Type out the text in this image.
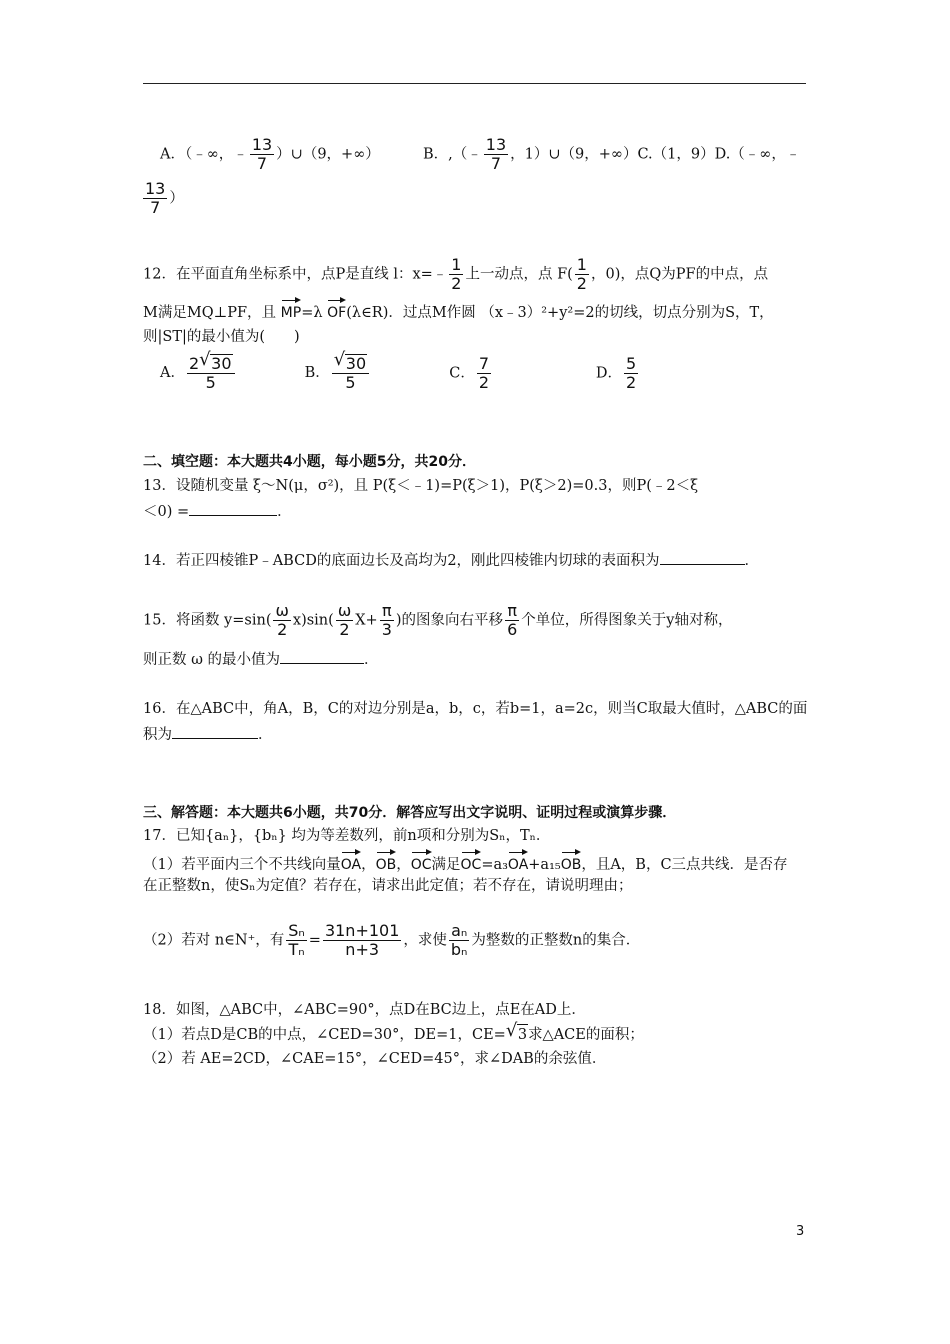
A．（﹣∞，﹣ $\frac{13}{7}$ ）∪（9，+∞）	B．,（﹣ $\frac{13}{7}$ ，1）∪（9，+∞）C.（1，9）D.（﹣∞，﹣
$\frac{13}{7}$ ）
12．在平面直角坐标系中，点P是直线 l：x=﹣ $\frac{1}{2}$ 上一动点，点 $F( \frac{1}{2}$ ，0)，点Q为PF的中点，点
M满足MQ⊥PF，且 MP=λ OF(λ∈R)．过点M作圆 （x﹣3）²+y²=2的切线，切点分别为S，T，
则|ST|的最小值为(　　)
A． $\frac{2 √ 30}{5}$	B． √ $\frac{30}{5}$	C． $\frac{7}{2}$	D． $\frac{5}{2}$
二、填空题：本大题共4小题，每小题5分，共20分．
13．设随机变量 ξ～N(μ，σ²)，且 P(ξ＜﹣1)=P(ξ＞1)，P(ξ＞2)=0.3，则P(﹣2＜ξ
＜0) =	．
14．若正四棱锥P﹣ABCD的底面边长及高均为2，刚此四棱锥内切球的表面积为	．
15．将函数 $y=\sin( \frac{\omega}{2} x)\sin( \frac{\omega}{2} X+ \frac{\pi}{3}$ )的图象向右平移 $\frac{\pi}{6}$ 个单位，所得图象关于y轴对称，
则正数 ω 的最小值为	．
16．在△ABC中，角A，B，C的对边分别是a，b，c，若b=1，a=2c，则当C取最大值时，△ABC的面
积为	．
三、解答题：本大题共6小题，共70分．解答应写出文字说明、证明过程或演算步骤．
17．已知{aₙ}，{bₙ} 均为等差数列，前n项和分别为Sₙ，Tₙ．
（1）若平面内三个不共线向量OA，OB，OC满足OC=a₃OA+a₁₅OB，且A，B，C三点共线．是否存
在正整数n，使Sₙ为定值？若存在，请求出此定值；若不存在，请说明理由；
（2）若对 n∈N⁺，有 $\frac{\text{Sₙ}}{\text{Tₙ}} = \frac{31n+101}{n+3}$ ，求使 $\frac{\text{aₙ}}{\text{bₙ}}$ 为整数的正整数n的集合．
18．如图，△ABC中，∠ABC=90°，点D在BC边上，点E在AD上．
（1）若点D是CB的中点，∠CED=30°，DE=1，CE= √ 3求△ACE的面积；
（2）若 AE=2CD，∠CAE=15°，∠CED=45°，求∠DAB的余弦值．
3
